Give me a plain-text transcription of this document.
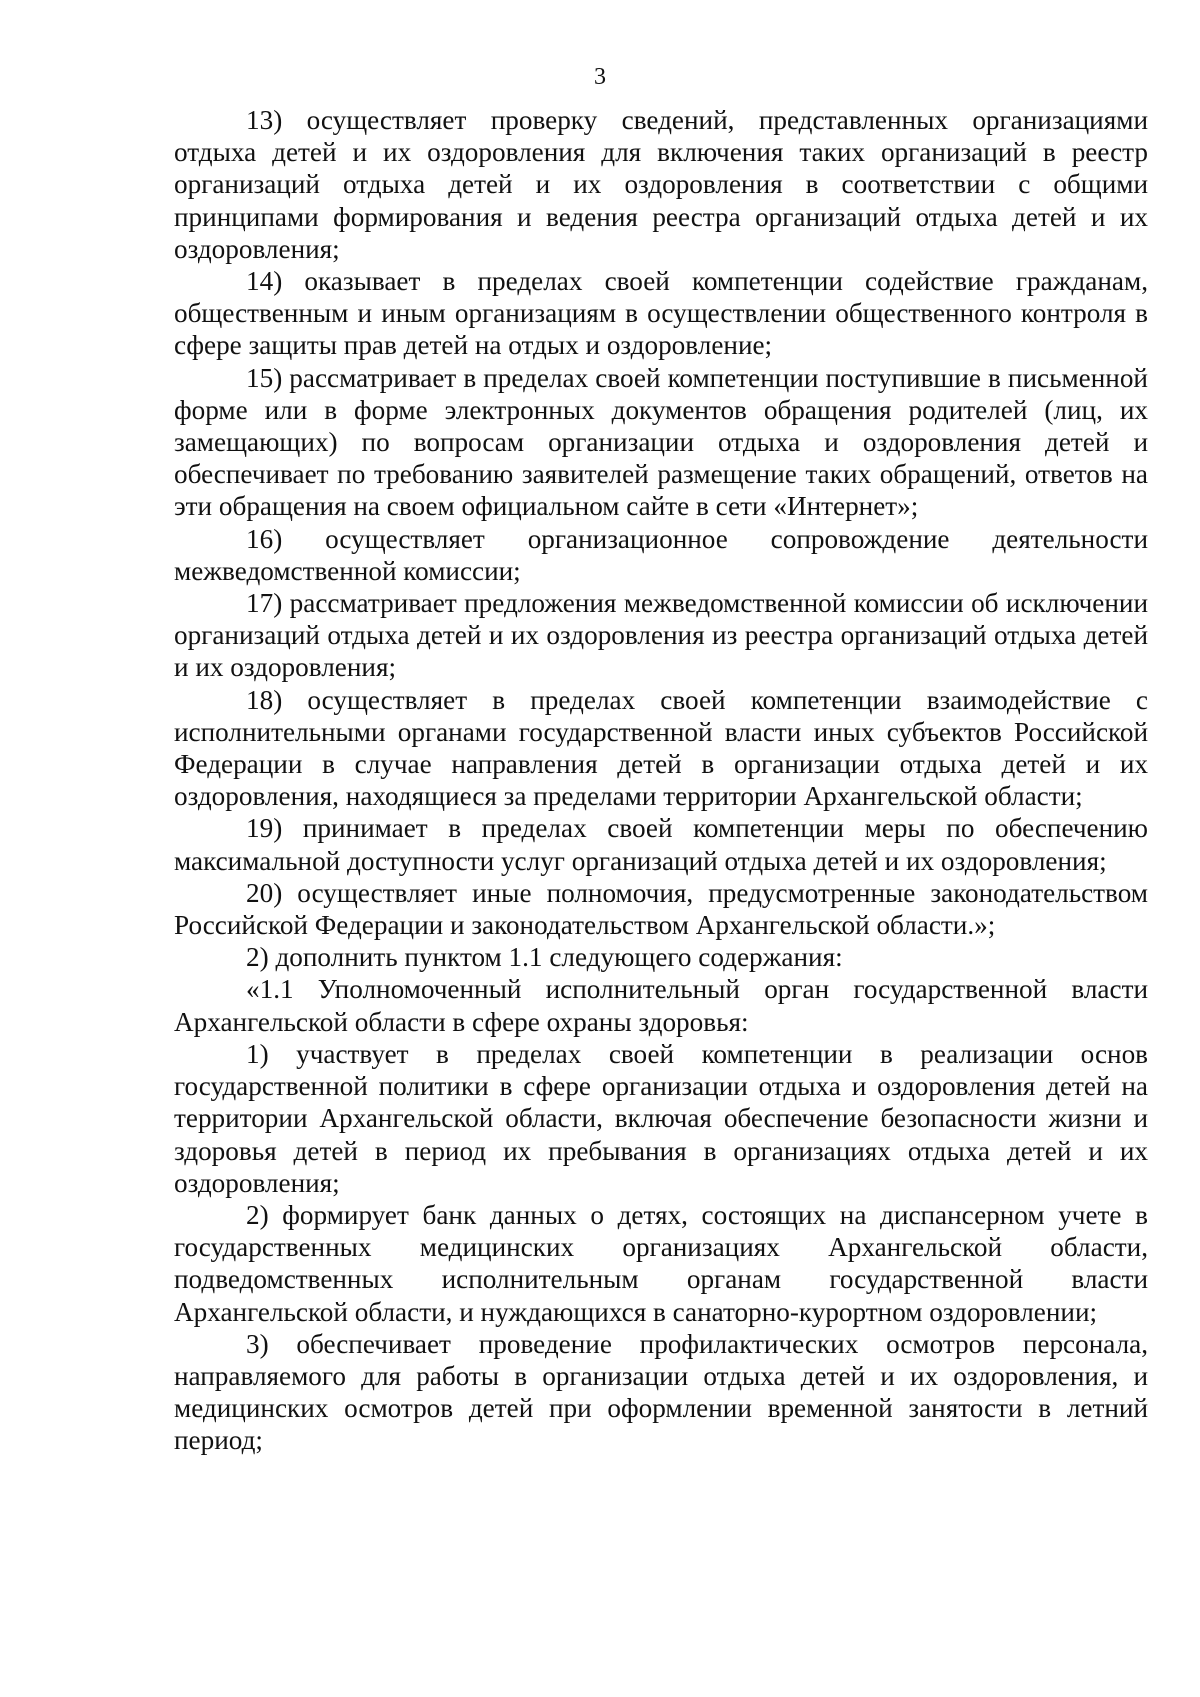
3

13) осуществляет проверку сведений, представленных организациями отдыха детей и их оздоровления для включения таких организаций в реестр организаций отдыха детей и их оздоровления в соответствии с общими принципами формирования и ведения реестра организаций отдыха детей и их оздоровления;

14) оказывает в пределах своей компетенции содействие гражданам, общественным и иным организациям в осуществлении общественного контроля в сфере защиты прав детей на отдых и оздоровление;

15) рассматривает в пределах своей компетенции поступившие в письменной форме или в форме электронных документов обращения родителей (лиц, их замещающих) по вопросам организации отдыха и оздоровления детей и обеспечивает по требованию заявителей размещение таких обращений, ответов на эти обращения на своем официальном сайте в сети «Интернет»;

16) осуществляет организационное сопровождение деятельности межведомственной комиссии;

17) рассматривает предложения межведомственной комиссии об исключении организаций отдыха детей и их оздоровления из реестра организаций отдыха детей и их оздоровления;

18) осуществляет в пределах своей компетенции взаимодействие с исполнительными органами государственной власти иных субъектов Российской Федерации в случае направления детей в организации отдыха детей и их оздоровления, находящиеся за пределами территории Архангельской области;

19) принимает в пределах своей компетенции меры по обеспечению максимальной доступности услуг организаций отдыха детей и их оздоровления;

20) осуществляет иные полномочия, предусмотренные законодательством Российской Федерации и законодательством Архангельской области.»;

2) дополнить пунктом 1.1 следующего содержания:

«1.1 Уполномоченный исполнительный орган государственной власти Архангельской области в сфере охраны здоровья:

1) участвует в пределах своей компетенции в реализации основ государственной политики в сфере организации отдыха и оздоровления детей на территории Архангельской области, включая обеспечение безопасности жизни и здоровья детей в период их пребывания в организациях отдыха детей и их оздоровления;

2) формирует банк данных о детях, состоящих на диспансерном учете в государственных медицинских организациях Архангельской области, подведомственных исполнительным органам государственной власти Архангельской области, и нуждающихся в санаторно-курортном оздоровлении;

3) обеспечивает проведение профилактических осмотров персонала, направляемого для работы в организации отдыха детей и их оздоровления, и медицинских осмотров детей при оформлении временной занятости в летний период;
